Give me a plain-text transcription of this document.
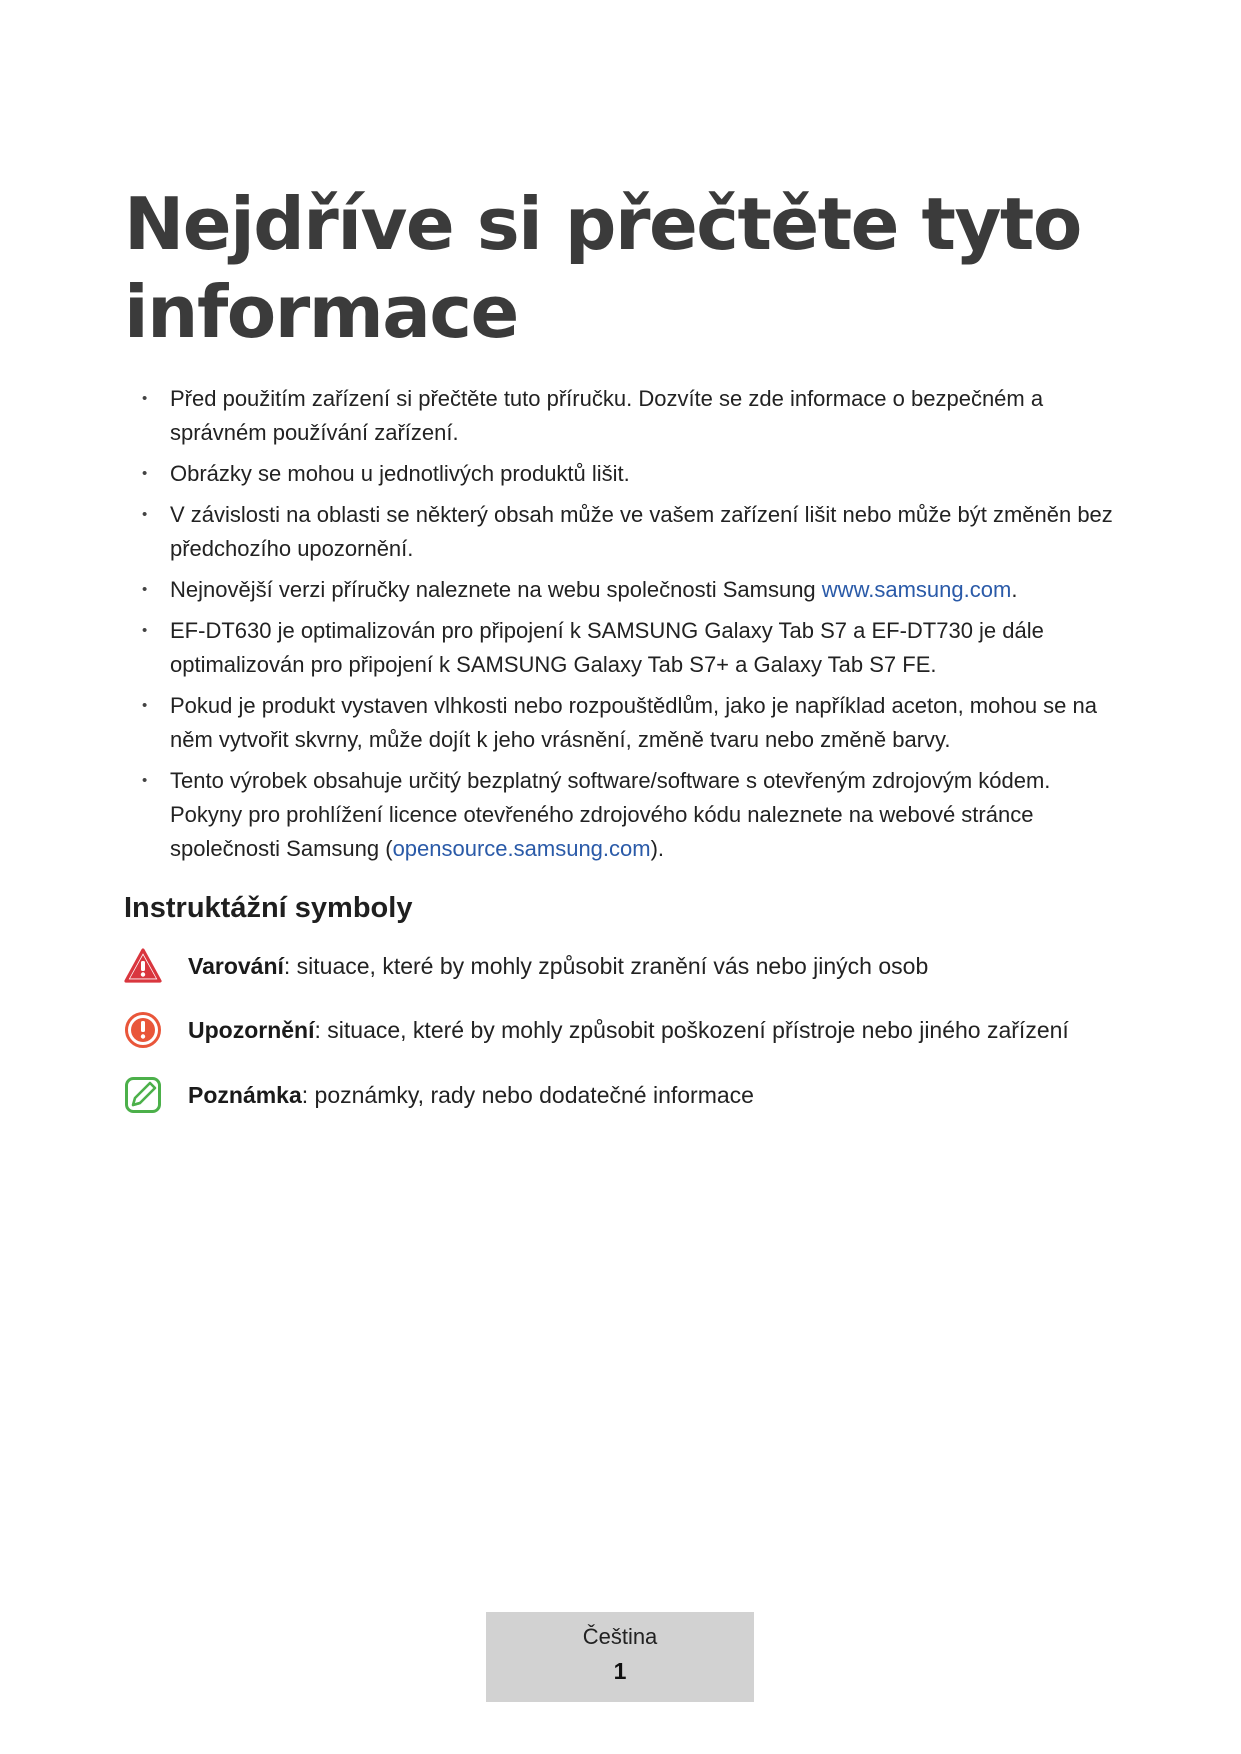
Nejdříve si přečtěte tyto informace
• Před použitím zařízení si přečtěte tuto příručku. Dozvíte se zde informace o bezpečném a správném používání zařízení.
• Obrázky se mohou u jednotlivých produktů lišit.
• V závislosti na oblasti se některý obsah může ve vašem zařízení lišit nebo může být změněn bez předchozího upozornění.
• Nejnovější verzi příručky naleznete na webu společnosti Samsung www.samsung.com.
• EF-DT630 je optimalizován pro připojení k SAMSUNG Galaxy Tab S7 a EF-DT730 je dále optimalizován pro připojení k SAMSUNG Galaxy Tab S7+ a Galaxy Tab S7 FE.
• Pokud je produkt vystaven vlhkosti nebo rozpouštědlům, jako je například aceton, mohou se na něm vytvořit skvrny, může dojít k jeho vrásnění, změně tvaru nebo změně barvy.
• Tento výrobek obsahuje určitý bezplatný software/software s otevřeným zdrojovým kódem. Pokyny pro prohlížení licence otevřeného zdrojového kódu naleznete na webové stránce společnosti Samsung (opensource.samsung.com).
Instruktážní symboly
Varování: situace, které by mohly způsobit zranění vás nebo jiných osob
Upozornění: situace, které by mohly způsobit poškození přístroje nebo jiného zařízení
Poznámka: poznámky, rady nebo dodatečné informace
Čeština
1
